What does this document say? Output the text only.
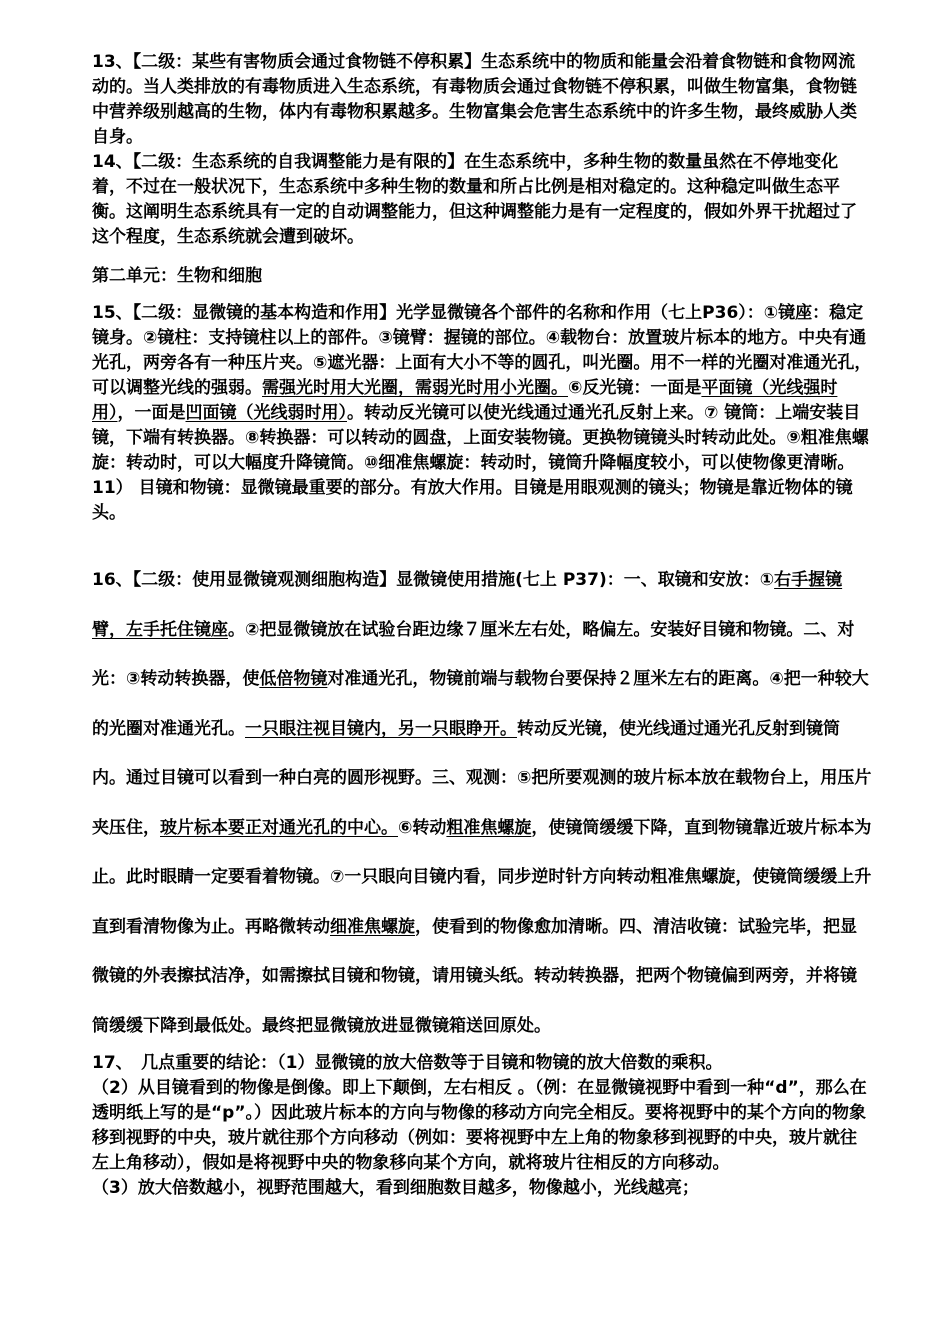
13、【二级：某些有害物质会通过食物链不停积累】生态系统中的物质和能量会沿着食物链和食物网流动的。当人类排放的有毒物质进入生态系统，有毒物质会通过食物链不停积累，叫做生物富集，食物链中营养级别越高的生物，体内有毒物积累越多。生物富集会危害生态系统中的许多生物，最终威胁人类自身。

14、【二级：生态系统的自我调整能力是有限的】在生态系统中，多种生物的数量虽然在不停地变化着，不过在一般状况下，生态系统中多种生物的数量和所占比例是相对稳定的。这种稳定叫做生态平衡。这阐明生态系统具有一定的自动调整能力，但这种调整能力是有一定程度的，假如外界干扰超过了这个程度，生态系统就会遭到破坏。

第二单元：生物和细胞

15、【二级：显微镜的基本构造和作用】光学显微镜各个部件的名称和作用（七上P36）：①镜座：稳定镜身。②镜柱：支持镜柱以上的部件。③镜臂：握镜的部位。④载物台：放置玻片标本的地方。中央有通光孔，两旁各有一种压片夹。⑤遮光器：上面有大小不等的圆孔，叫光圈。用不一样的光圈对准通光孔，可以调整光线的强弱。需强光时用大光圈，需弱光时用小光圈。⑥反光镜：一面是平面镜（光线强时用），一面是凹面镜（光线弱时用）。转动反光镜可以使光线通过通光孔反射上来。⑦ 镜筒：上端安装目镜，下端有转换器。⑧转换器：可以转动的圆盘，上面安装物镜。更换物镜镜头时转动此处。⑨粗准焦螺旋：转动时，可以大幅度升降镜筒。⑩细准焦螺旋：转动时，镜筒升降幅度较小，可以使物像更清晰。11） 目镜和物镜：显微镜最重要的部分。有放大作用。目镜是用眼观测的镜头；物镜是靠近物体的镜头。

16、【二级：使用显微镜观测细胞构造】显微镜使用措施(七上 P37)：一、取镜和安放：①右手握镜臂，左手托住镜座。②把显微镜放在试验台距边缘７厘米左右处，略偏左。安装好目镜和物镜。二、对光：③转动转换器，使低倍物镜对准通光孔，物镜前端与载物台要保持２厘米左右的距离。④把一种较大的光圈对准通光孔。一只眼注视目镜内，另一只眼睁开。转动反光镜，使光线通过通光孔反射到镜筒内。通过目镜可以看到一种白亮的圆形视野。三、观测：⑤把所要观测的玻片标本放在载物台上，用压片夹压住，玻片标本要正对通光孔的中心。⑥转动粗准焦螺旋，使镜筒缓缓下降，直到物镜靠近玻片标本为止。此时眼睛一定要看着物镜。⑦一只眼向目镜内看，同步逆时针方向转动粗准焦螺旋，使镜筒缓缓上升直到看清物像为止。再略微转动细准焦螺旋，使看到的物像愈加清晰。四、清洁收镜：试验完毕，把显微镜的外表擦拭洁净，如需擦拭目镜和物镜，请用镜头纸。转动转换器，把两个物镜偏到两旁，并将镜筒缓缓下降到最低处。最终把显微镜放进显微镜箱送回原处。

17、　几点重要的结论：（1）显微镜的放大倍数等于目镜和物镜的放大倍数的乘积。

（2）从目镜看到的物像是倒像。即上下颠倒，左右相反 。（例：在显微镜视野中看到一种“d”，那么在透明纸上写的是“p”。）因此玻片标本的方向与物像的移动方向完全相反。要将视野中的某个方向的物象移到视野的中央，玻片就往那个方向移动（例如：要将视野中左上角的物象移到视野的中央，玻片就往左上角移动），假如是将视野中央的物象移向某个方向，就将玻片往相反的方向移动。

（3）放大倍数越小，视野范围越大，看到细胞数目越多，物像越小，光线越亮；
